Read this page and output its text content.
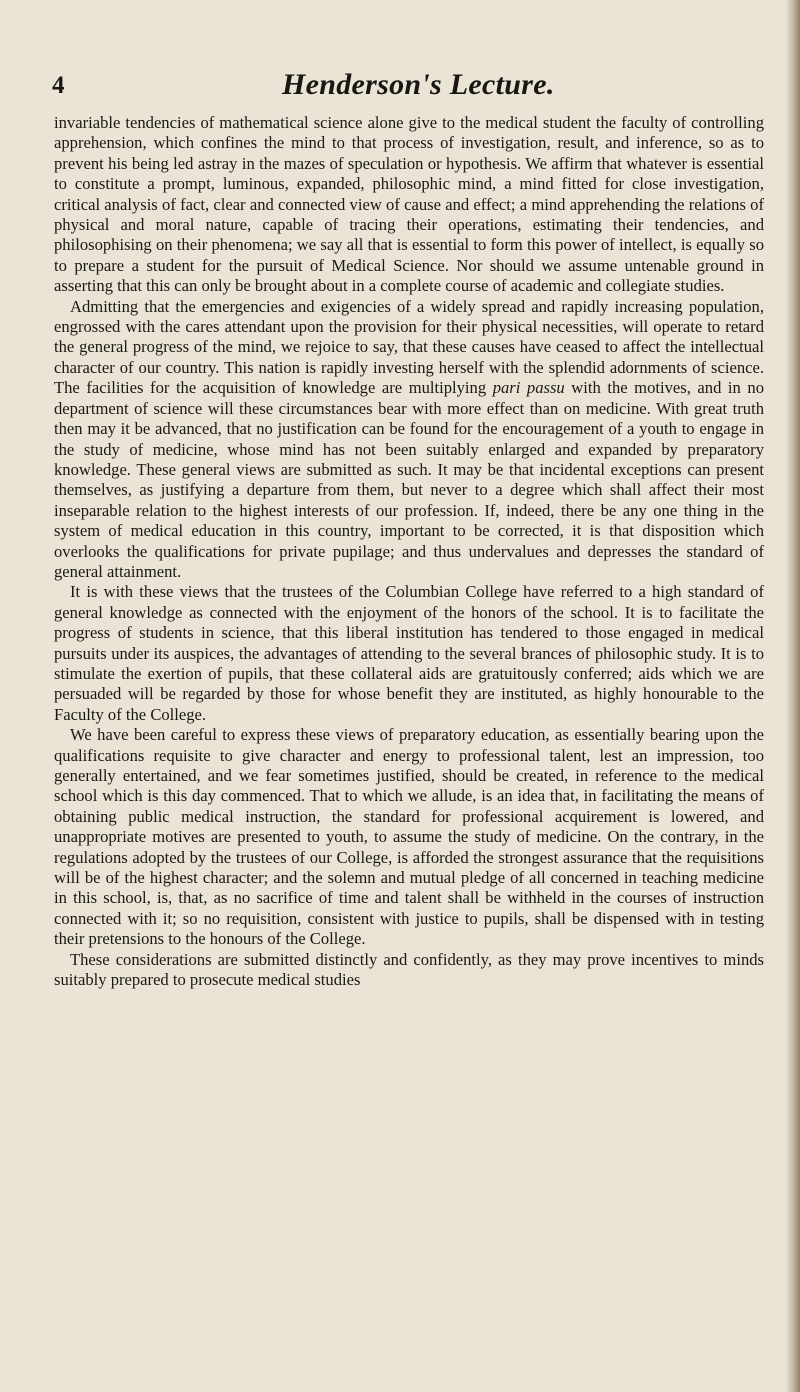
4	Henderson's Lecture.

invariable tendencies of mathematical science alone give to the medical student the faculty of controlling apprehension, which confines the mind to that process of investigation, result, and inference, so as to prevent his being led astray in the mazes of speculation or hypothesis. We affirm that whatever is essential to constitute a prompt, luminous, expanded, philosophic mind, a mind fitted for close investigation, critical analysis of fact, clear and connected view of cause and effect; a mind apprehending the relations of physical and moral nature, capable of tracing their operations, estimating their tendencies, and philosophising on their phenomena; we say all that is essential to form this power of intellect, is equally so to prepare a student for the pursuit of Medical Science. Nor should we assume untenable ground in asserting that this can only be brought about in a complete course of academic and collegiate studies.

Admitting that the emergencies and exigencies of a widely spread and rapidly increasing population, engrossed with the cares attendant upon the provision for their physical necessities, will operate to retard the general progress of the mind, we rejoice to say, that these causes have ceased to affect the intellectual character of our country. This nation is rapidly investing herself with the splendid adornments of science. The facilities for the acquisition of knowledge are multiplying pari passu with the motives, and in no department of science will these circumstances bear with more effect than on medicine. With great truth then may it be advanced, that no justification can be found for the encouragement of a youth to engage in the study of medicine, whose mind has not been suitably enlarged and expanded by preparatory knowledge. These general views are submitted as such. It may be that incidental exceptions can present themselves, as justifying a departure from them, but never to a degree which shall affect their most inseparable relation to the highest interests of our profession. If, indeed, there be any one thing in the system of medical education in this country, important to be corrected, it is that disposition which overlooks the qualifications for private pupilage; and thus undervalues and depresses the standard of general attainment.

It is with these views that the trustees of the Columbian College have referred to a high standard of general knowledge as connected with the enjoyment of the honors of the school. It is to facilitate the progress of students in science, that this liberal institution has tendered to those engaged in medical pursuits under its auspices, the advantages of attending to the several brances of philosophic study. It is to stimulate the exertion of pupils, that these collateral aids are gratuitously conferred; aids which we are persuaded will be regarded by those for whose benefit they are instituted, as highly honourable to the Faculty of the College.

We have been careful to express these views of preparatory education, as essentially bearing upon the qualifications requisite to give character and energy to professional talent, lest an impression, too generally entertained, and we fear sometimes justified, should be created, in reference to the medical school which is this day commenced. That to which we allude, is an idea that, in facilitating the means of obtaining public medical instruction, the standard for professional acquirement is lowered, and unappropriate motives are presented to youth, to assume the study of medicine. On the contrary, in the regulations adopted by the trustees of our College, is afforded the strongest assurance that the requisitions will be of the highest character; and the solemn and mutual pledge of all concerned in teaching medicine in this school, is, that, as no sacrifice of time and talent shall be withheld in the courses of instruction connected with it; so no requisition, consistent with justice to pupils, shall be dispensed with in testing their pretensions to the honours of the College.

These considerations are submitted distinctly and confidently, as they may prove incentives to minds suitably prepared to prosecute medical studies
